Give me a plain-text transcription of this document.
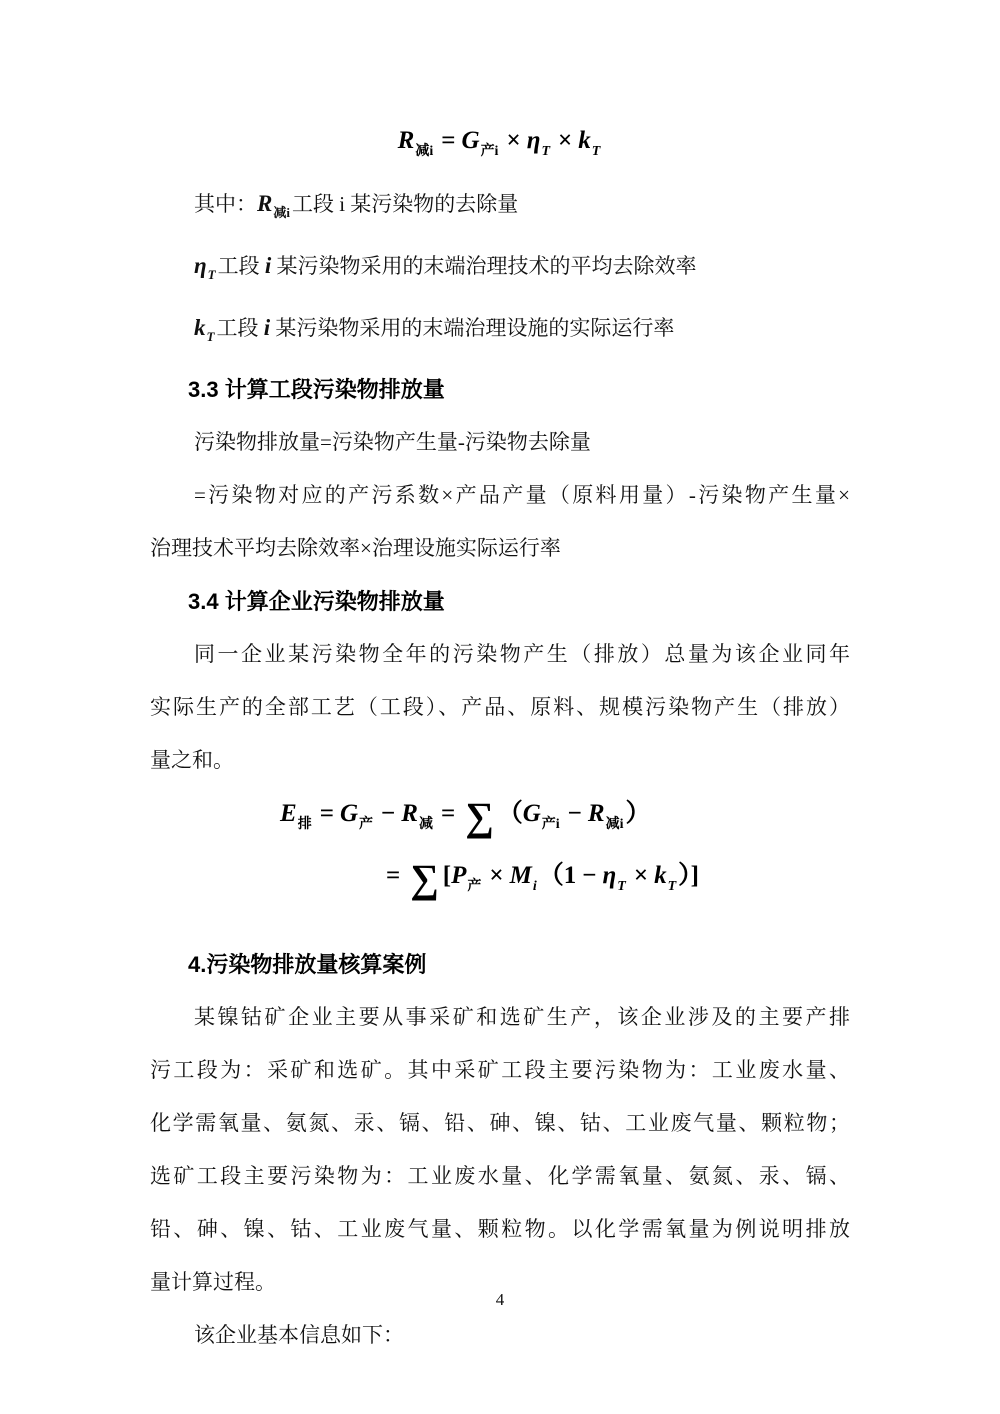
$R_{减i} = G_{产i} \times \eta_T \times k_T$
其中：$R_{减i}$工段 i 某污染物的去除量
$\eta_T$工段 i 某污染物采用的末端治理技术的平均去除效率
$k_T$工段 i 某污染物采用的末端治理设施的实际运行率
3.3 计算工段污染物排放量
污染物排放量=污染物产生量-污染物去除量
=污染物对应的产污系数×产品产量（原料用量）-污染物产生量×
治理技术平均去除效率×治理设施实际运行率
3.4 计算企业污染物排放量
同一企业某污染物全年的污染物产生（排放）总量为该企业同年
实际生产的全部工艺（工段）、产品、原料、规模污染物产生（排放）
量之和。
$E_排 = G_产 - R_减$ = ∑ $(G_{产i} - R_{减i})$
= ∑ $[P_产 \times M_i(1 - \eta_T \times k_T)]$
4.污染物排放量核算案例
某镍钴矿企业主要从事采矿和选矿生产，该企业涉及的主要产排
污工段为：采矿和选矿。其中采矿工段主要污染物为：工业废水量、
化学需氧量、氨氮、汞、镉、铅、砷、镍、钴、工业废气量、颗粒物；
选矿工段主要污染物为：工业废水量、化学需氧量、氨氮、汞、镉、
铅、砷、镍、钴、工业废气量、颗粒物。以化学需氧量为例说明排放
量计算过程。
该企业基本信息如下：
4
